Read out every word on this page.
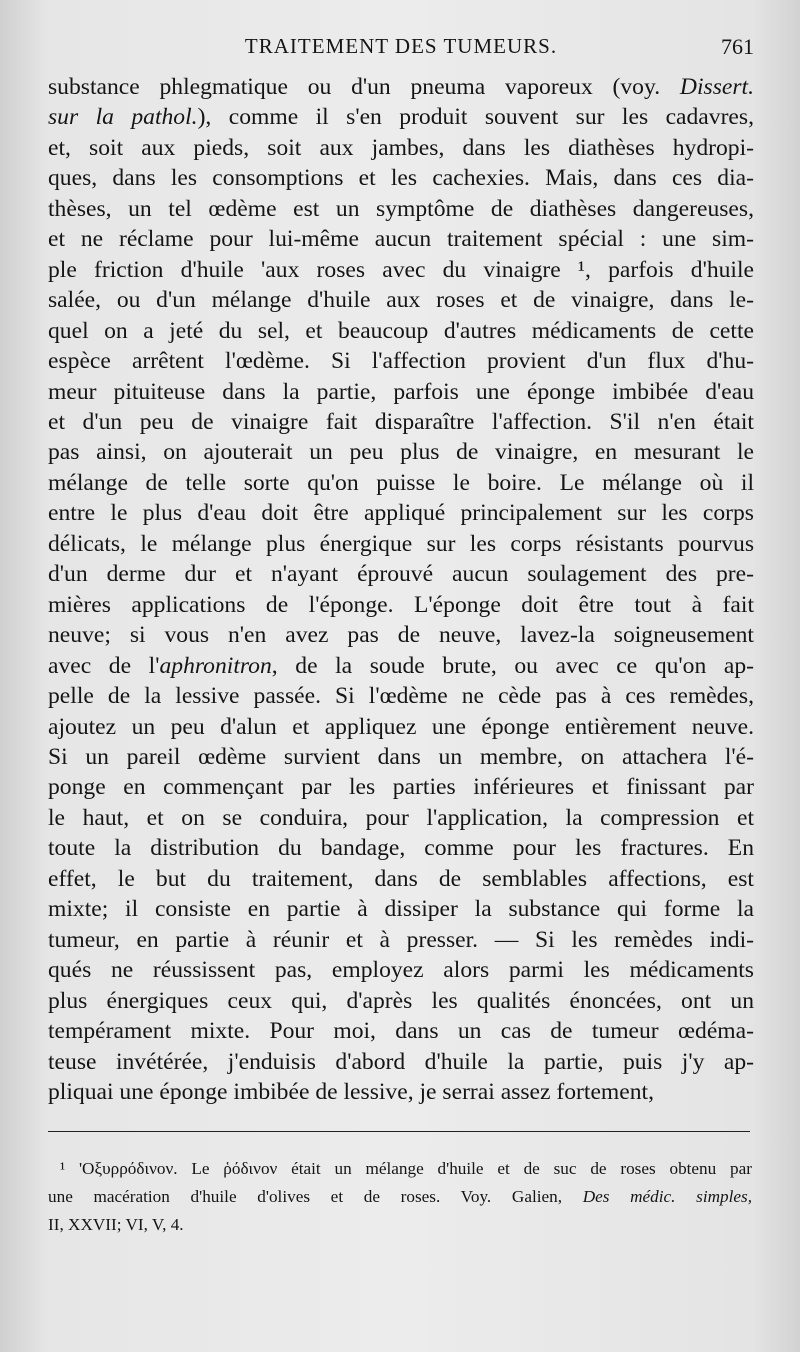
TRAITEMENT DES TUMEURS.	761
substance phlegmatique ou d'un pneuma vaporeux (voy. Dissert.
sur la pathol.), comme il s'en produit souvent sur les cadavres,
et, soit aux pieds, soit aux jambes, dans les diathèses hydropi-
ques, dans les consomptions et les cachexies. Mais, dans ces dia-
thèses, un tel œdème est un symptôme de diathèses dangereuses,
et ne réclame pour lui-même aucun traitement spécial : une sim-
ple friction d'huile 'aux roses avec du vinaigre ¹, parfois d'huile
salée, ou d'un mélange d'huile aux roses et de vinaigre, dans le-
quel on a jeté du sel, et beaucoup d'autres médicaments de cette
espèce arrêtent l'œdème. Si l'affection provient d'un flux d'hu-
meur pituiteuse dans la partie, parfois une éponge imbibée d'eau
et d'un peu de vinaigre fait disparaître l'affection. S'il n'en était
pas ainsi, on ajouterait un peu plus de vinaigre, en mesurant le
mélange de telle sorte qu'on puisse le boire. Le mélange où il
entre le plus d'eau doit être appliqué principalement sur les corps
délicats, le mélange plus énergique sur les corps résistants pourvus
d'un derme dur et n'ayant éprouvé aucun soulagement des pre-
mières applications de l'éponge. L'éponge doit être tout à fait
neuve; si vous n'en avez pas de neuve, lavez-la soigneusement
avec de l'aphronitron, de la soude brute, ou avec ce qu'on ap-
pelle de la lessive passée. Si l'œdème ne cède pas à ces remèdes,
ajoutez un peu d'alun et appliquez une éponge entièrement neuve.
Si un pareil œdème survient dans un membre, on attachera l'é-
ponge en commençant par les parties inférieures et finissant par
le haut, et on se conduira, pour l'application, la compression et
toute la distribution du bandage, comme pour les fractures. En
effet, le but du traitement, dans de semblables affections, est
mixte; il consiste en partie à dissiper la substance qui forme la
tumeur, en partie à réunir et à presser. — Si les remèdes indi-
qués ne réussissent pas, employez alors parmi les médicaments
plus énergiques ceux qui, d'après les qualités énoncées, ont un
tempérament mixte. Pour moi, dans un cas de tumeur œdéma-
teuse invétérée, j'enduisis d'abord d'huile la partie, puis j'y ap-
pliquai une éponge imbibée de lessive, je serrai assez fortement,
¹ 'Οξυρρόδινον. Le ῥόδινον était un mélange d'huile et de suc de roses obtenu par
une macération d'huile d'olives et de roses. Voy. Galien, Des médic. simples,
II, XXVII; VI, V, 4.
